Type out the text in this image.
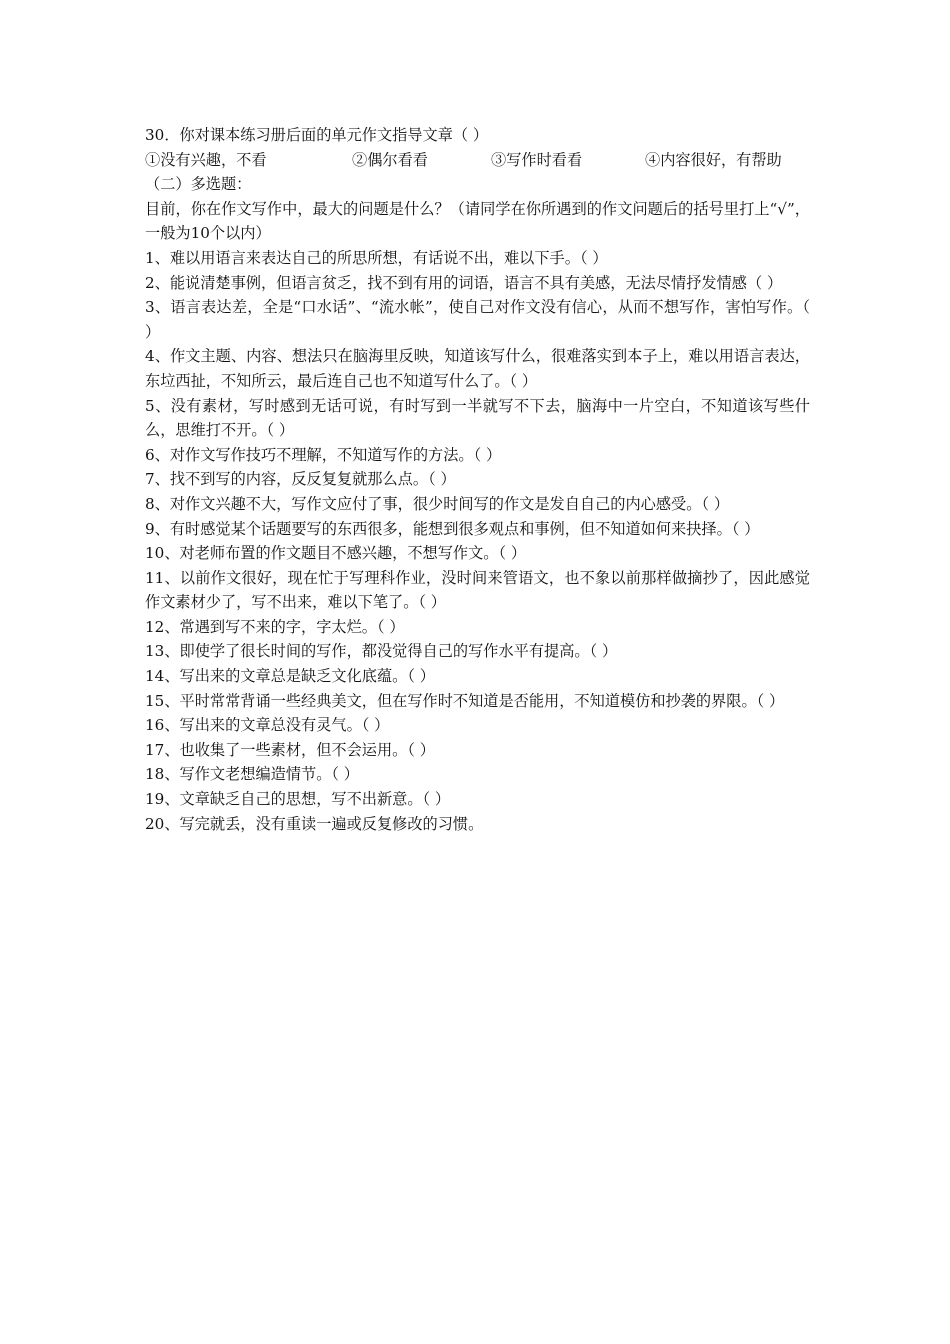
30．你对课本练习册后面的单元作文指导文章（ ）
①没有兴趣，不看	②偶尔看看	③写作时看看	④内容很好，有帮助
（二）多选题：
目前，你在作文写作中，最大的问题是什么？（请同学在你所遇到的作文问题后的括号里打上“√”，一般为10个以内）
1、难以用语言来表达自己的所思所想，有话说不出，难以下手。（ ）
2、能说清楚事例，但语言贫乏，找不到有用的词语，语言不具有美感，无法尽情抒发情感（ ）
3、语言表达差，全是“口水话”、“流水帐”，使自己对作文没有信心，从而不想写作，害怕写作。（ ）
4、作文主题、内容、想法只在脑海里反映，知道该写什么，很难落实到本子上，难以用语言表达，东垃西扯，不知所云，最后连自己也不知道写什么了。（ ）
5、没有素材，写时感到无话可说，有时写到一半就写不下去，脑海中一片空白，不知道该写些什么，思维打不开。（ ）
6、对作文写作技巧不理解，不知道写作的方法。（ ）
7、找不到写的内容，反反复复就那么点。（ ）
8、对作文兴趣不大，写作文应付了事，很少时间写的作文是发自自己的内心感受。（ ）
9、有时感觉某个话题要写的东西很多，能想到很多观点和事例，但不知道如何来抉择。（ ）
10、对老师布置的作文题目不感兴趣，不想写作文。（ ）
11、以前作文很好，现在忙于写理科作业，没时间来管语文，也不象以前那样做摘抄了，因此感觉作文素材少了，写不出来，难以下笔了。（ ）
12、常遇到写不来的字，字太烂。（ ）
13、即使学了很长时间的写作，都没觉得自己的写作水平有提高。（ ）
14、写出来的文章总是缺乏文化底蕴。（ ）
15、平时常常背诵一些经典美文，但在写作时不知道是否能用，不知道模仿和抄袭的界限。（ ）
16、写出来的文章总没有灵气。（ ）
17、也收集了一些素材，但不会运用。（ ）
18、写作文老想编造情节。（ ）
19、文章缺乏自己的思想，写不出新意。（ ）
20、写完就丢，没有重读一遍或反复修改的习惯。
